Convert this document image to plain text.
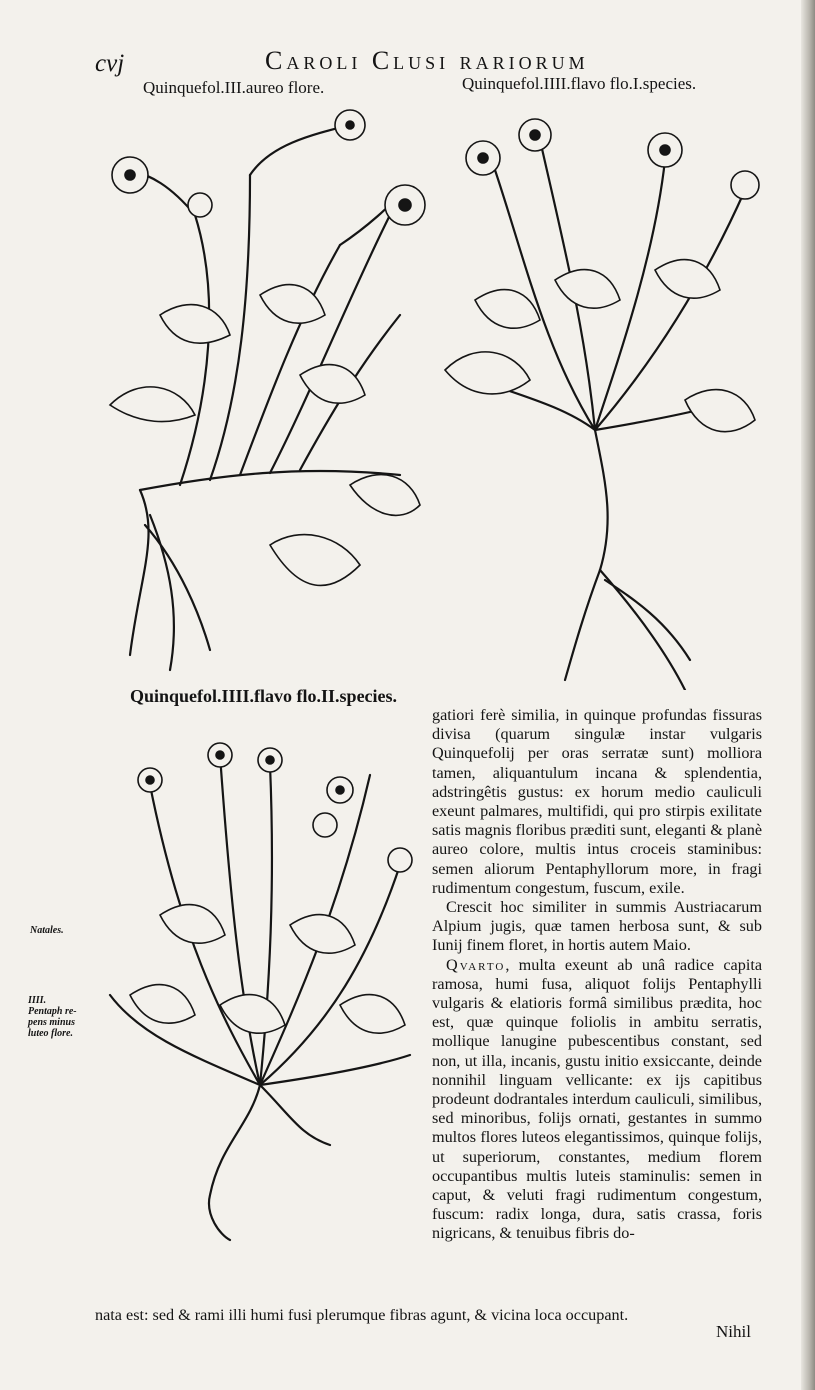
cvj	Caroli Clusi rariorum
Quinquefol.III.aureo flore.	Quinquefol.IIII.flavo flo.I.species.
Quinquefol.IIII.flavo flo.II.species.
Natales.
IIII.
Pentaph re-
pens minus
luteo flore.

gatiori ferè similia, in quinque profundas fissuras divisa (quarum singulæ instar vulgaris Quinquefolij per oras serratæ sunt) molliora tamen, aliquantulum incana & splendentia, adstringêtis gustus: ex horum medio cauliculi exeunt palmares, multifidi, qui pro stirpis exilitate satis magnis floribus præditi sunt, eleganti & planè aureo colore, multis intus croceis staminibus: semen aliorum Pentaphyllorum more, in fragi rudimentum congestum, fuscum, exile.

Crescit hoc similiter in summis Austriacarum Alpium jugis, quæ tamen herbosa sunt, & sub Iunij finem floret, in hortis autem Maio.

Qvarto, multa exeunt ab unâ radice capita ramosa, humi fusa, aliquot folijs Pentaphylli vulgaris & elatioris formâ similibus prædita, hoc est, quæ quinque foliolis in ambitu serratis, mollique lanugine pubescentibus constant, sed non, ut illa, incanis, gustu initio exsiccante, deinde nonnihil linguam vellicante: ex ijs capitibus prodeunt dodrantales interdum cauliculi, similibus, sed minoribus, folijs ornati, gestantes in summo multos flores luteos elegantissimos, quinque folijs, ut superiorum, constantes, medium florem occupantibus multis luteis staminulis: semen in caput, & veluti fragi rudimentum congestum, fuscum: radix longa, dura, satis crassa, foris nigricans, & tenuibus fibris do-

nata est: sed & rami illi humi fusi plerumque fibras agunt, & vicina loca occupant.
Nihil
